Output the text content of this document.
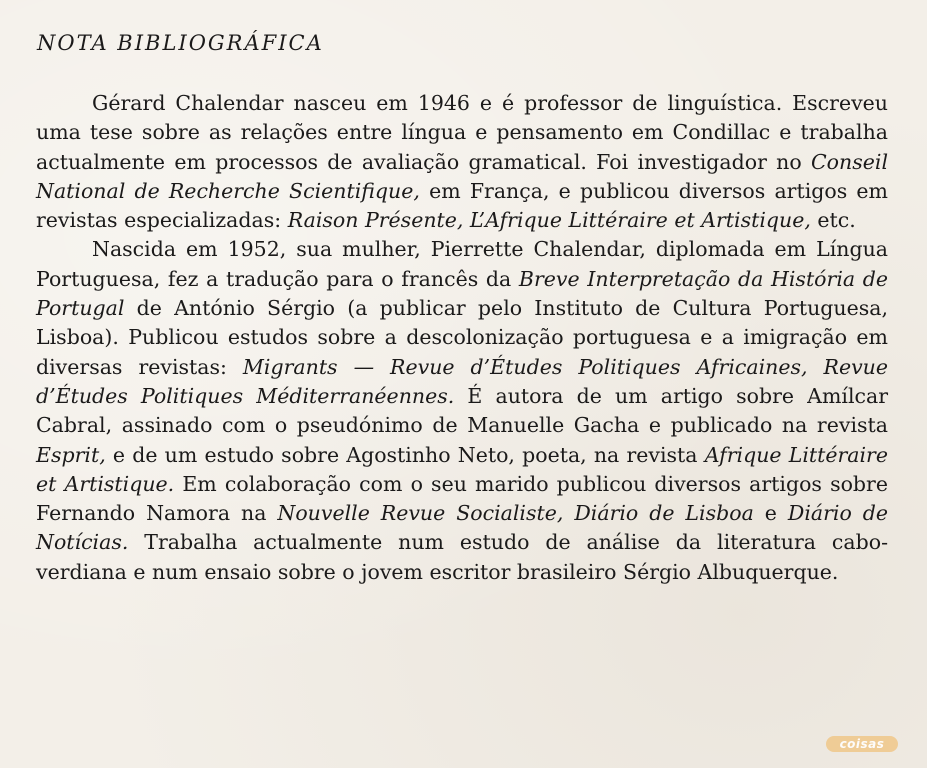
NOTA BIBLIOGRÁFICA

Gérard Chalendar nasceu em 1946 e é professor de linguística. Escreveu uma tese sobre as relações entre língua e pensamento em Condillac e trabalha actualmente em processos de avaliação gramatical. Foi investigador no Conseil National de Recherche Scientifique, em França, e publicou diversos artigos em revistas especializadas: Raison Présente, L’Afrique Littéraire et Artistique, etc.

Nascida em 1952, sua mulher, Pierrette Chalendar, diplomada em Língua Portuguesa, fez a tradução para o francês da Breve Interpretação da História de Portugal de António Sérgio (a publicar pelo Instituto de Cultura Portuguesa, Lisboa). Publicou estudos sobre a descolonização portuguesa e a imigração em diversas revistas: Migrants — Revue d’Études Politiques Africaines, Revue d’Études Politiques Méditerranéennes. É autora de um artigo sobre Amílcar Cabral, assinado com o pseudónimo de Manuelle Gacha e publicado na revista Esprit, e de um estudo sobre Agostinho Neto, poeta, na revista Afrique Littéraire et Artistique. Em colaboração com o seu marido publicou diversos artigos sobre Fernando Namora na Nouvelle Revue Socialiste, Diário de Lisboa e Diário de Notícias. Trabalha actualmente num estudo de análise da literatura cabo-verdiana e num ensaio sobre o jovem escritor brasileiro Sérgio Albuquerque.

coisas
